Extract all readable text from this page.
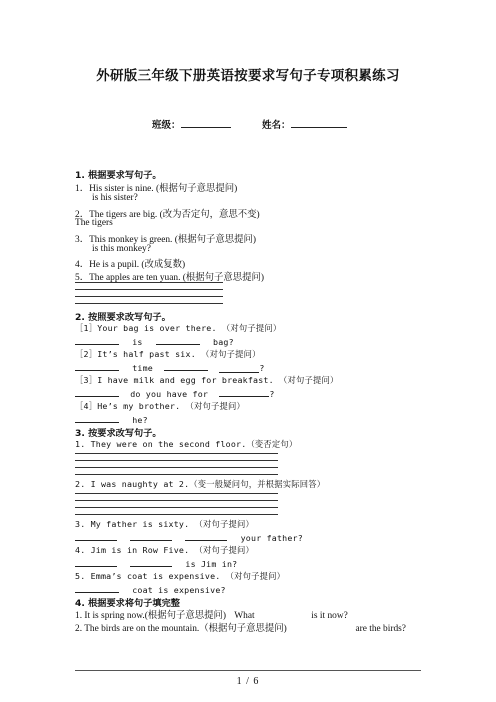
外研版三年级下册英语按要求写句子专项积累练习
班级：	姓名：
1. 根据要求写句子。
1．His sister is nine. (根据句子意思提问)
is his sister?
2．The tigers are big. (改为否定句，意思不变)
The tigers
3．This monkey is green. (根据句子意思提问)
is this monkey?
4．He is a pupil. (改成复数)
5．The apples are ten yuan. (根据句子意思提问)
2. 按照要求改写句子。
［1］Your bag is over there. （对句子提问）
is	bag?
［2］It’s half past six. （对句子提问）
time	?
［3］I have milk and egg for breakfast. （对句子提问）
do you have for	?
［4］He’s my brother. （对句子提问）
he?
3. 按要求改写句子。
1. They were on the second floor.（变否定句）
2. I was naughty at 2.（变一般疑问句，并根据实际回答）
3. My father is sixty. （对句子提问）
your father?
4. Jim is in Row Five. （对句子提问）
is Jim in?
5. Emma’s coat is expensive. （对句子提问）
coat is expensive?
4. 根据要求将句子填完整
1. It is spring now.(根据句子意思提问) What	is it now?
2. The birds are on the mountain.（根据句子意思提问)	are the birds?
1 / 6
